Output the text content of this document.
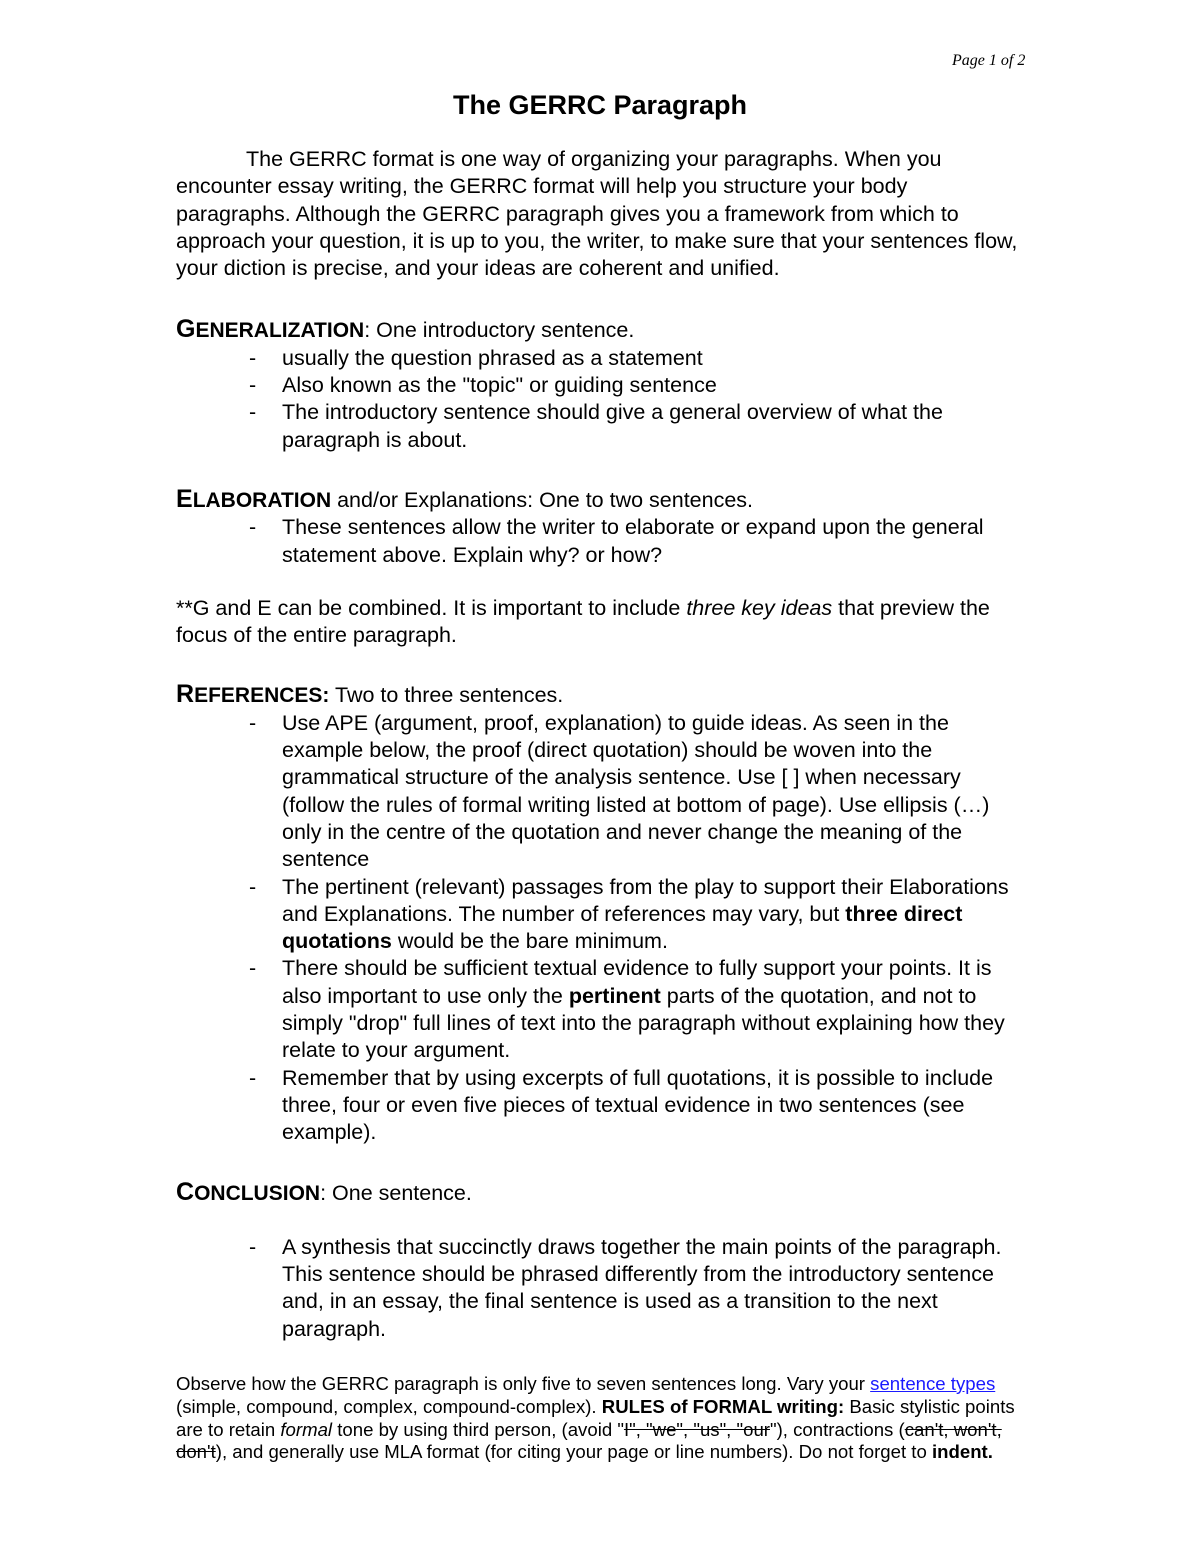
Page 1 of 2
The GERRC Paragraph

The GERRC format is one way of organizing your paragraphs. When you encounter essay writing, the GERRC format will help you structure your body paragraphs. Although the GERRC paragraph gives you a framework from which to approach your question, it is up to you, the writer, to make sure that your sentences flow, your diction is precise, and your ideas are coherent and unified.

GENERALIZATION: One introductory sentence.

- usually the question phrased as a statement
- Also known as the "topic" or guiding sentence
- The introductory sentence should give a general overview of what the paragraph is about.

ELABORATION and/or Explanations: One to two sentences.

- These sentences allow the writer to elaborate or expand upon the general statement above. Explain why? or how?

**G and E can be combined. It is important to include three key ideas that preview the focus of the entire paragraph.

REFERENCES: Two to three sentences.

- Use APE (argument, proof, explanation) to guide ideas. As seen in the example below, the proof (direct quotation) should be woven into the grammatical structure of the analysis sentence. Use [ ] when necessary (follow the rules of formal writing listed at bottom of page). Use ellipsis (…) only in the centre of the quotation and never change the meaning of the sentence
- The pertinent (relevant) passages from the play to support their Elaborations and Explanations. The number of references may vary, but three direct quotations would be the bare minimum.
- There should be sufficient textual evidence to fully support your points. It is also important to use only the pertinent parts of the quotation, and not to simply "drop" full lines of text into the paragraph without explaining how they relate to your argument.
- Remember that by using excerpts of full quotations, it is possible to include three, four or even five pieces of textual evidence in two sentences (see example).

CONCLUSION: One sentence.

- A synthesis that succinctly draws together the main points of the paragraph. This sentence should be phrased differently from the introductory sentence and, in an essay, the final sentence is used as a transition to the next paragraph.

Observe how the GERRC paragraph is only five to seven sentences long. Vary your sentence types (simple, compound, complex, compound-complex). RULES of FORMAL writing: Basic stylistic points are to retain formal tone by using third person, (avoid "I", "we", "us", "our"), contractions (can't, won't, don't), and generally use MLA format (for citing your page or line numbers). Do not forget to indent.
